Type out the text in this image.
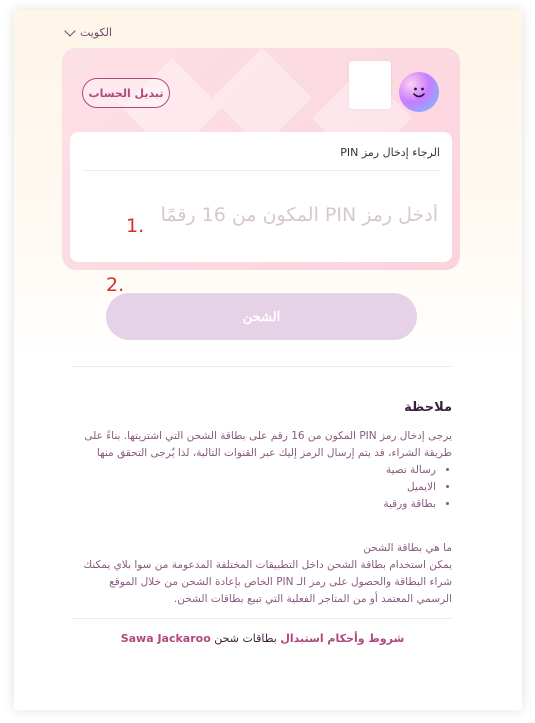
الكويت
تبديل الحساب
الرجاء إدخال رمز PIN
أدخل رمز PIN المكون من 16 رقمًا
1.
2.
الشحن
ملاحظة
يرجى إدخال رمز PIN المكون من 16 رقم على بطاقة الشحن التي اشتريتها. بناءً على طريقة الشراء، قد يتم إرسال الرمز إليك عبر القنوات التالية، لذا يُرجى التحقق منها
• رسالة نصية
• الايميل
• بطاقة ورقية
ما هي بطاقة الشحن
يمكن استخدام بطاقة الشحن داخل التطبيقات المختلفة المدعومة من سوا بلاي يمكنك شراء البطاقة والحصول على رمز الـ PIN الخاص بإعادة الشحن من خلال الموقع الرسمي المعتمد أو من المتاجر الفعلية التي تبيع بطاقات الشحن.
شروط وأحكام استبدال بطاقات شحن Sawa Jackaroo
